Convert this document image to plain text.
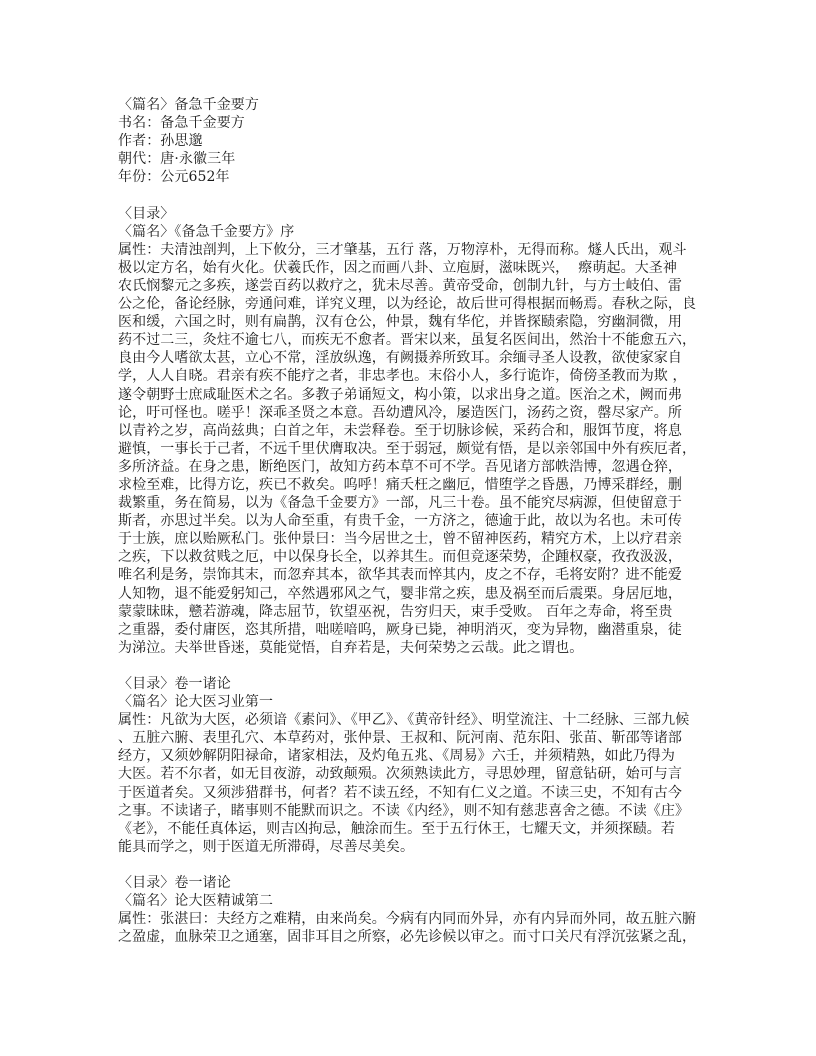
〈篇名〉备急千金要方
书名：备急千金要方
作者：孙思邈
朝代：唐·永徽三年
年份：公元652年
〈目录〉
〈篇名〉《备急千金要方》序
属性：夫清浊剖判，上下攸分，三才肇基，五行 落，万物淳朴，无得而称。燧人氏出，观斗
极以定方名，始有火化。伏羲氏作，因之而画八卦、立庖厨，滋味既兴，  瘵萌起。大圣神
农氏悯黎元之多疾，遂尝百药以救疗之，犹未尽善。黄帝受命，创制九针，与方士岐伯、雷
公之伦，备论经脉，旁通问难，详究义理，以为经论，故后世可得根据而畅焉。春秋之际，良
医和缓，六国之时，则有扁鹊，汉有仓公，仲景，魏有华佗，并皆探赜索隐，穷幽洞微，用
药不过二三，灸炷不逾七八，而疾无不愈者。晋宋以来，虽复名医间出，然治十不能愈五六，
良由今人嗜欲太甚，立心不常，淫放纵逸，有阙摄养所致耳。余缅寻圣人设教，欲使家家自
学，人人自晓。君亲有疾不能疗之者，非忠孝也。末俗小人，多行诡诈，倚傍圣教而为欺 ，
遂令朝野士庶咸耻医术之名。多教子弟诵短文，构小策，以求出身之道。医治之术，阙而弗
论，吁可怪也。嗟乎！深乖圣贤之本意。吾幼遭风冷，屡造医门，汤药之资，罄尽家产。所
以青衿之岁，高尚兹典；白首之年，未尝释卷。至于切脉诊候，采药合和，服饵节度，将息
避慎，一事长于己者，不远千里伏膺取决。至于弱冠，颇觉有悟，是以亲邻国中外有疾厄者，
多所济益。在身之患，断绝医门，故知方药本草不可不学。吾见诸方部帙浩博，忽遇仓猝，
求检至难，比得方讫，疾已不救矣。呜呼！痛夭枉之幽厄，惜堕学之昏愚，乃博采群经，删
裁繁重，务在简易，以为《备急千金要方》一部，凡三十卷。虽不能究尽病源，但使留意于
斯者，亦思过半矣。以为人命至重，有贵千金，一方济之，德逾于此，故以为名也。未可传
于士族，庶以贻厥私门。张仲景曰：当今居世之士，曾不留神医药，精究方术，上以疗君亲
之疾，下以救贫贱之厄，中以保身长全，以养其生。而但竞逐荣势，企踵权豪，孜孜汲汲，
唯名利是务，崇饰其末，而忽弃其本，欲华其表而悴其内，皮之不存，毛将安附？进不能爱
人知物，退不能爱躬知己，卒然遇邪风之气，婴非常之疾，患及祸至而后震栗。身居厄地，
蒙蒙昧昧，戆若游魂，降志屈节，钦望巫祝，告穷归天，束手受败。 百年之寿命，将至贵
之重器，委付庸医，恣其所措，咄嗟喑呜，厥身已毙，神明消灭，变为异物，幽潜重泉，徒
为涕泣。夫举世昏迷，莫能觉悟，自弃若是，夫何荣势之云哉。此之谓也。
〈目录〉卷一诸论
〈篇名〉论大医习业第一
属性：凡欲为大医，必须谙《素问》、《甲乙》、《黄帝针经》、明堂流注、十二经脉、三部九候
、五脏六腑、表里孔穴、本草药对，张仲景、王叔和、阮河南、范东阳、张苗、靳邵等诸部
经方，又须妙解阴阳禄命，诸家相法，及灼龟五兆、《周易》六壬，并须精熟，如此乃得为
大医。若不尔者，如无目夜游，动致颠殒。次须熟读此方，寻思妙理，留意钻研，始可与言
于医道者矣。又须涉猎群书，何者？若不读五经，不知有仁义之道。不读三史，不知有古今
之事。不读诸子，睹事则不能默而识之。不读《内经》，则不知有慈悲喜舍之德。不读《庄》
《老》，不能任真体运，则吉凶拘忌，触涂而生。至于五行休王，七耀天文，并须探赜。若
能具而学之，则于医道无所滞碍，尽善尽美矣。
〈目录〉卷一诸论
〈篇名〉论大医精诚第二
属性：张湛曰：夫经方之难精，由来尚矣。今病有内同而外异，亦有内异而外同，故五脏六腑
之盈虚，血脉荣卫之通塞，固非耳目之所察，必先诊候以审之。而寸口关尺有浮沉弦紧之乱，
